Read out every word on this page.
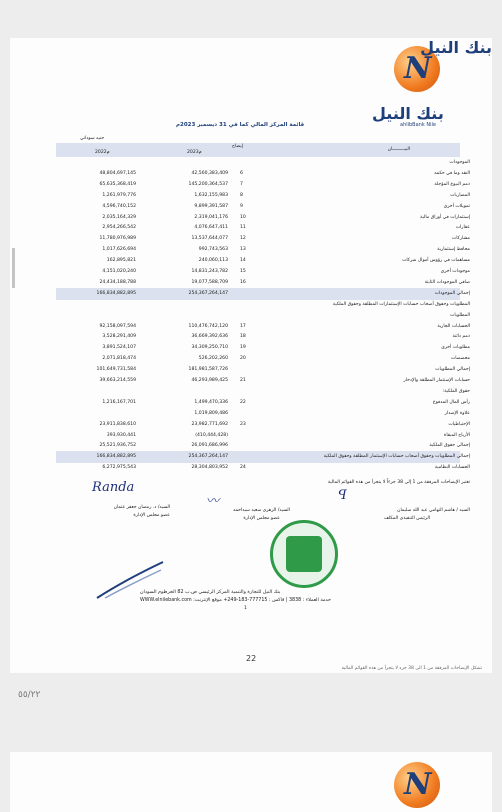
N
بنك النيل
بنك النيل
ahlibBank Nile
قائمة المركز المالي كما في 31 ديسمبر 2023م
جنيه سوداني
البيـــــــــان
إيضاح
2023م
2022م
الموجودات
النقد وما في حكمه
6
42,560,383,409
48,804,697,145
ذمم البيوع المؤجلة
7
145,200,364,537
65,635,368,419
المضاربات
8
1,632,155,983
1,261,979,776
تمويلات أخرى
9
9,899,391,587
4,596,740,152
إستثمارات في أوراق مالية
10
2,319,041,176
2,035,164,329
عقارات
11
4,076,647,411
2,954,266,542
مشاركات
12
13,537,644,077
11,780,976,989
محافظ إستثمارية
13
992,743,563
1,017,626,694
مساهمات في رؤوس أموال شركات
14
240,060,113
162,895,821
موجودات أخرى
15
14,831,243,782
4,151,020,240
صافي الموجودات الثابتة
16
19,077,588,709
24,434,188,788
إجمالي الموجودات
254,367,264,147
166,834,882,895
المطلوبات وحقوق أصحاب حسابات الإستثمارات المطلقة وحقوق الملكية
المطلوبات
الحسابات الجارية
17
110,476,742,120
92,158,097,594
ذمم دائنة
18
36,669,392,636
3,528,291,409
مطلوبات أخرى
19
34,309,250,710
3,891,524,107
مخصصات
20
526,202,260
2,071,818,474
إجمالي المطلوبات
181,981,587,726
101,649,731,584
حسابات الإستثمار المطلقة والإدخار
21
46,293,989,425
39,663,214,559
حقوق الملكية:
رأس المال المدفوع
22
1,499,470,336
1,216,167,701
علاوة الإصدار
1,019,809,486
الإحتياطيات
23
23,982,771,692
23,911,838,610
الأرباح المبقاة
(410,444,428)
393,930,441
إجمالي حقوق الملكية
26,091,686,996
25,521,936,752
إجمالي المطلوبات وحقوق أصحاب حسابات الإستثمار المطلقة وحقوق الملكية
254,367,264,147
166,834,882,895
الحسابات النظامية
24
28,304,803,952
6,272,975,543
تعتبر الإيضاحات المرفقة من 1 إلى 38 جزءاً لا يتجزأ من هذه القوائم المالية
Randa
〰	ꟼ
السيد / هاشم التهامي عبد الله سليمان
الرئيس التنفيذي المكلف
السيد/ الزهري سعيد سيداحمد
عضو مجلس الإدارة
السيد/ د. رمضان جعفر عثمان
عضو مجلس الإدارة
بنك النيل للتجارة والتنمية المركز الرئيسي ص.ب 82 الخرطوم السودان
خدمة العملاء : 3838 | فاكس : 777715-183-249+ موقع الإنترنت: WWW.elnilebank.com
1
22
تشكل الإيضاحات المرفقة من 1 الى 38 جزء لا يتجزأ من هذه القوائم المالية
٥٥/٢٢
N
